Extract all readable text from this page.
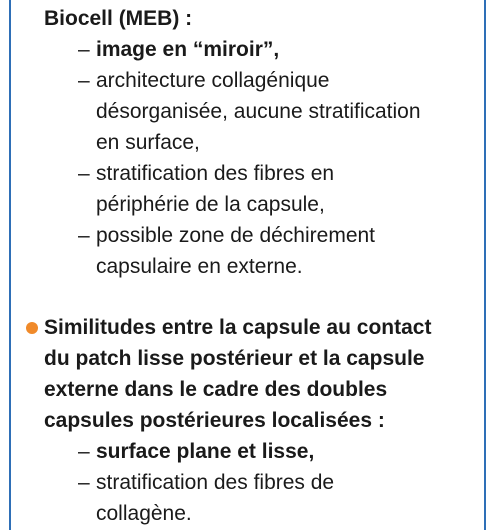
Biocell (MEB) :
– image en “miroir”,
– architecture collagénique
désorganisée, aucune stratification
en surface,
– stratification des fibres en
périphérie de la capsule,
– possible zone de déchirement
capsulaire en externe.
Similitudes entre la capsule au contact
du patch lisse postérieur et la capsule
externe dans le cadre des doubles
capsules postérieures localisées :
– surface plane et lisse,
– stratification des fibres de
collagène.
